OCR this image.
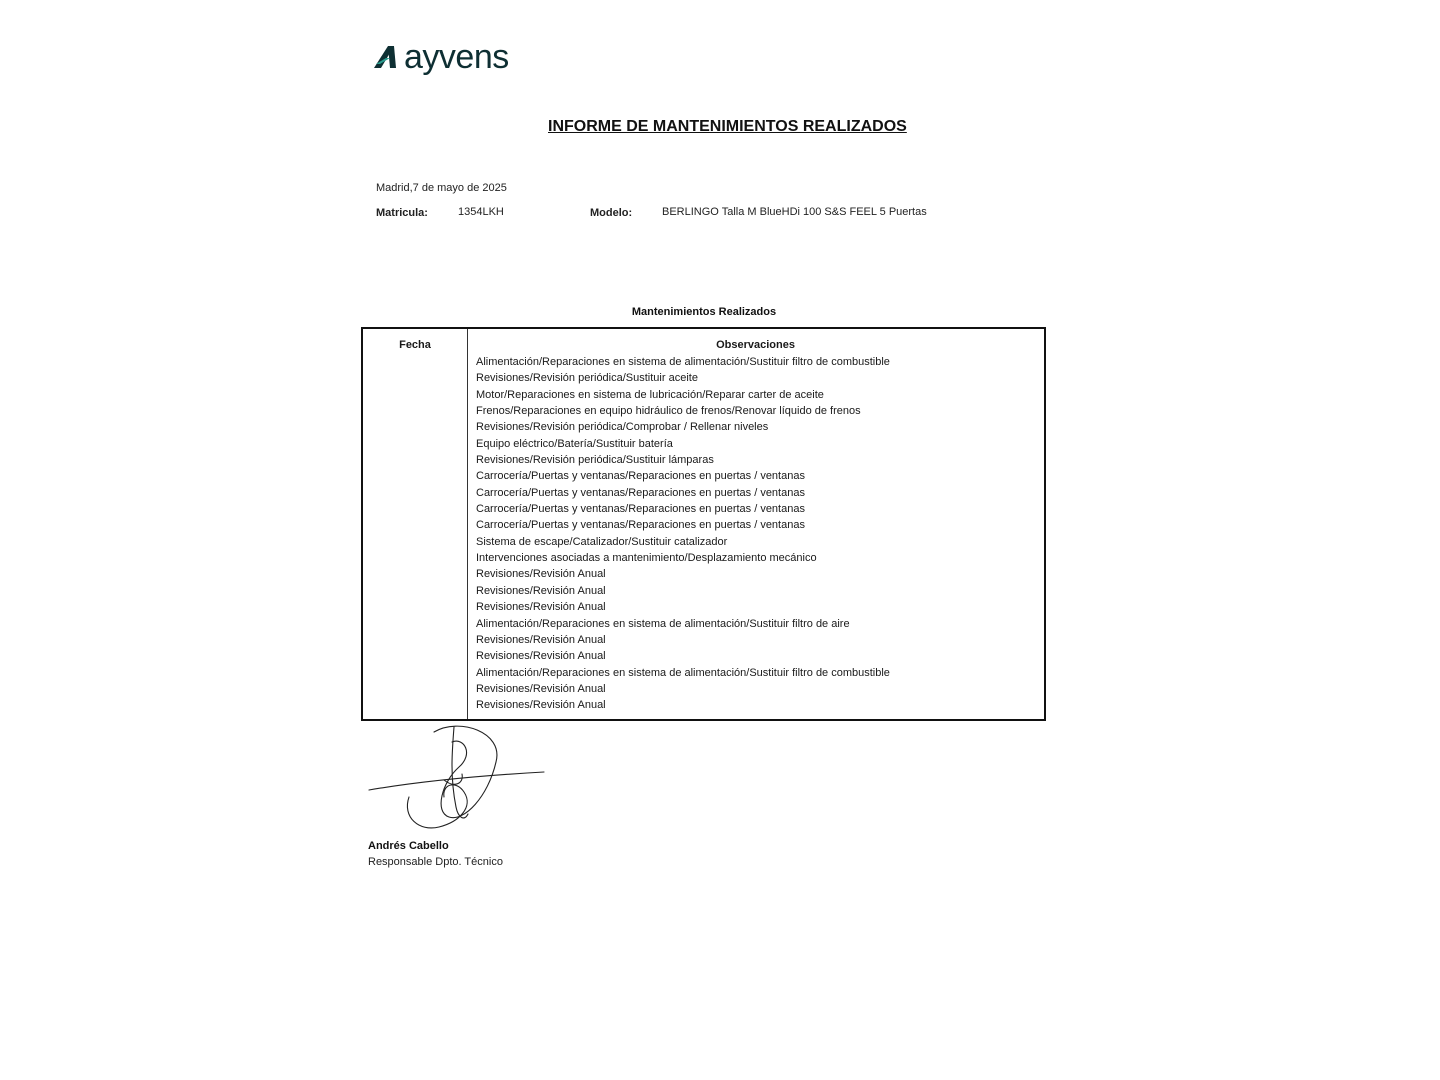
ayvens
INFORME DE MANTENIMIENTOS REALIZADOS
Madrid,7 de mayo de 2025
Matricula:	1354LKH	Modelo:	BERLINGO Talla M BlueHDi 100 S&S FEEL 5 Puertas
Mantenimientos Realizados
Fecha	Observaciones
Alimentación/Reparaciones en sistema de alimentación/Sustituir filtro de combustible
Revisiones/Revisión periódica/Sustituir aceite
Motor/Reparaciones en sistema de lubricación/Reparar carter de aceite
Frenos/Reparaciones en equipo hidráulico de frenos/Renovar líquido de frenos
Revisiones/Revisión periódica/Comprobar / Rellenar niveles
Equipo eléctrico/Batería/Sustituir batería
Revisiones/Revisión periódica/Sustituir lámparas
Carrocería/Puertas y ventanas/Reparaciones en puertas / ventanas
Carrocería/Puertas y ventanas/Reparaciones en puertas / ventanas
Carrocería/Puertas y ventanas/Reparaciones en puertas / ventanas
Carrocería/Puertas y ventanas/Reparaciones en puertas / ventanas
Sistema de escape/Catalizador/Sustituir catalizador
Intervenciones asociadas a mantenimiento/Desplazamiento mecánico
Revisiones/Revisión Anual
Revisiones/Revisión Anual
Revisiones/Revisión Anual
Alimentación/Reparaciones en sistema de alimentación/Sustituir filtro de aire
Revisiones/Revisión Anual
Revisiones/Revisión Anual
Alimentación/Reparaciones en sistema de alimentación/Sustituir filtro de combustible
Revisiones/Revisión Anual
Revisiones/Revisión Anual
Andrés Cabello
Responsable Dpto. Técnico
